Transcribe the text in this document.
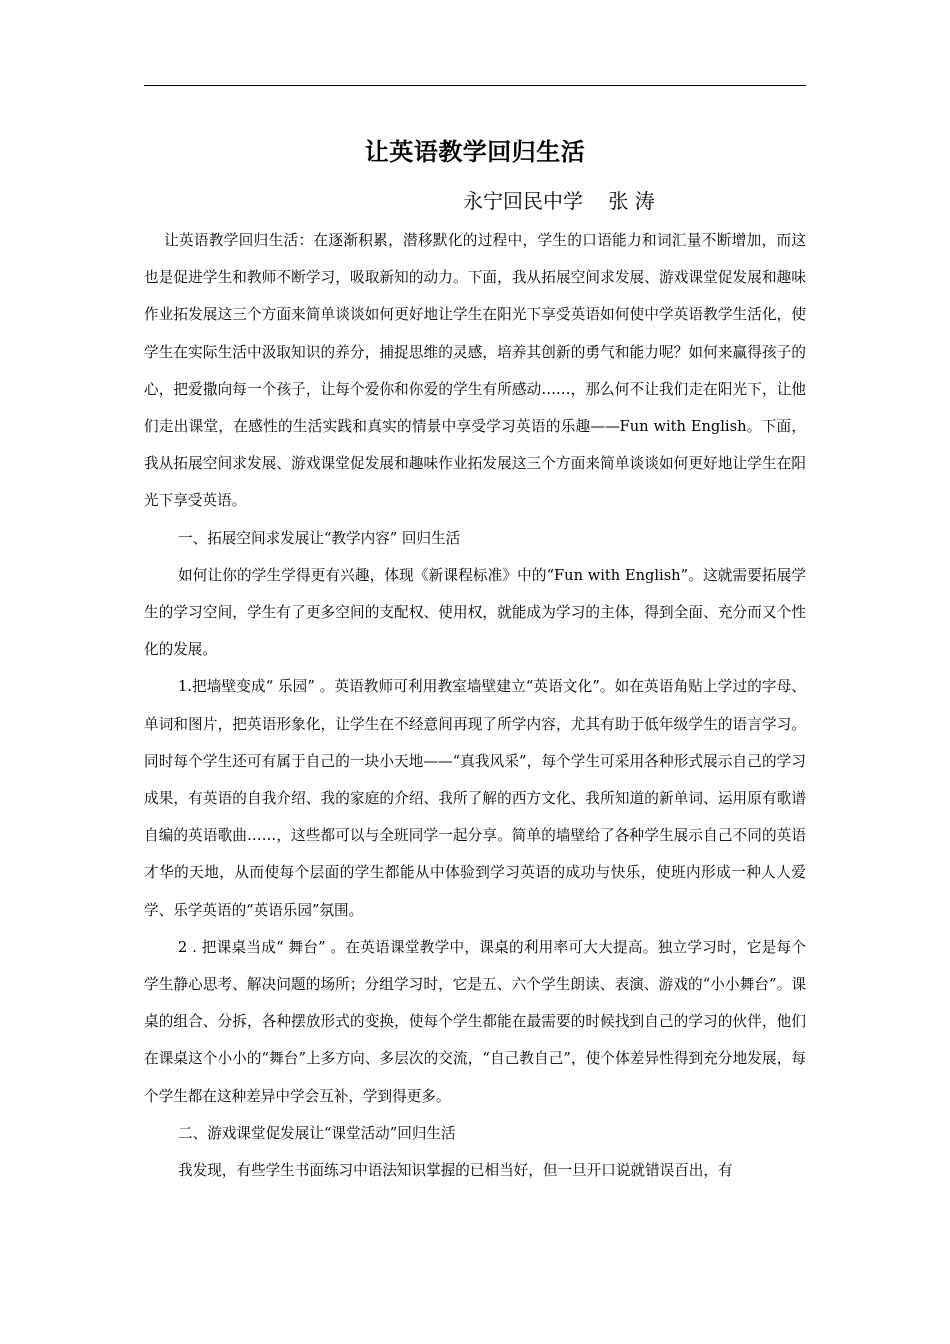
让英语教学回归生活
永宁回民中学    张 涛

让英语教学回归生活：在逐渐积累，潜移默化的过程中，学生的口语能力和词汇量不断增加，而这也是促进学生和教师不断学习，吸取新知的动力。下面，我从拓展空间求发展、游戏课堂促发展和趣味作业拓发展这三个方面来简单谈谈如何更好地让学生在阳光下享受英语如何使中学英语教学生活化，使学生在实际生活中汲取知识的养分，捕捉思维的灵感，培养其创新的勇气和能力呢？如何来赢得孩子的心，把爱撒向每一个孩子，让每个爱你和你爱的学生有所感动……，那么何不让我们走在阳光下，让他们走出课堂，在感性的生活实践和真实的情景中享受学习英语的乐趣——Fun with English。下面，我从拓展空间求发展、游戏课堂促发展和趣味作业拓发展这三个方面来简单谈谈如何更好地让学生在阳光下享受英语。

一、拓展空间求发展让“教学内容” 回归生活

如何让你的学生学得更有兴趣，体现《新课程标准》中的“Fun with English”。这就需要拓展学生的学习空间，学生有了更多空间的支配权、使用权，就能成为学习的主体，得到全面、充分而又个性化的发展。

1.把墙壁变成“ 乐园” 。英语教师可利用教室墙壁建立“英语文化”。如在英语角贴上学过的字母、单词和图片，把英语形象化，让学生在不经意间再现了所学内容，尤其有助于低年级学生的语言学习。同时每个学生还可有属于自己的一块小天地——“真我风采”，每个学生可采用各种形式展示自己的学习成果，有英语的自我介绍、我的家庭的介绍、我所了解的西方文化、我所知道的新单词、运用原有歌谱自编的英语歌曲……，这些都可以与全班同学一起分享。简单的墙壁给了各种学生展示自己不同的英语才华的天地，从而使每个层面的学生都能从中体验到学习英语的成功与快乐，使班内形成一种人人爱学、乐学英语的“英语乐园”氛围。

2 . 把课桌当成“ 舞台” 。在英语课堂教学中，课桌的利用率可大大提高。独立学习时，它是每个学生静心思考、解决问题的场所；分组学习时，它是五、六个学生朗读、表演、游戏的“小小舞台”。课桌的组合、分拆，各种摆放形式的变换，使每个学生都能在最需要的时候找到自己的学习的伙伴，他们在课桌这个小小的“舞台”上多方向、多层次的交流，“自己教自己”，使个体差异性得到充分地发展，每个学生都在这种差异中学会互补，学到得更多。

二、游戏课堂促发展让“课堂活动”回归生活

我发现，有些学生书面练习中语法知识掌握的已相当好，但一旦开口说就错误百出，有
